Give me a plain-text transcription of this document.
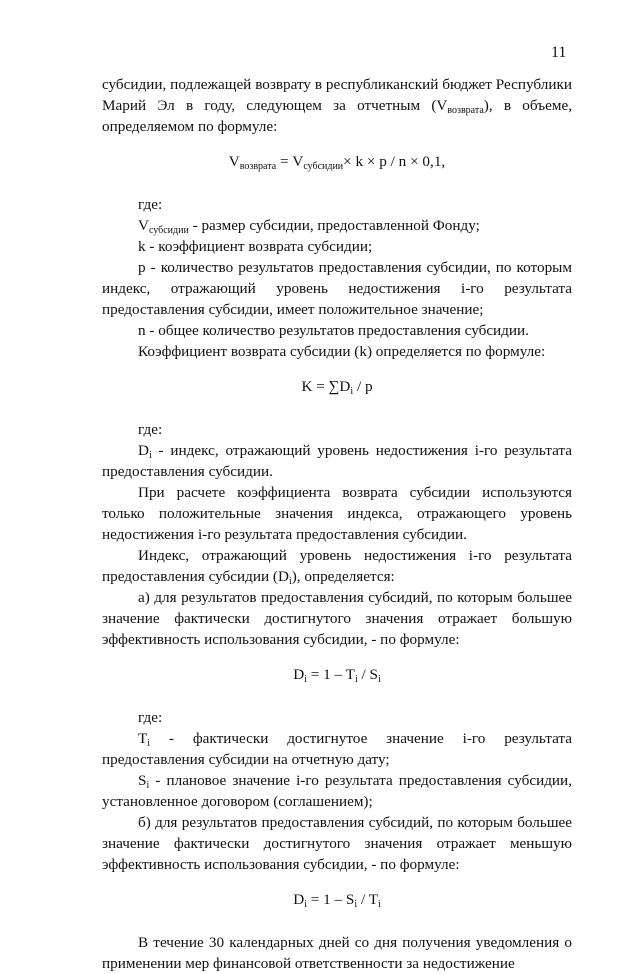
11

субсидии, подлежащей возврату в республиканский бюджет Республики

Марий Эл в году, следующем за отчетным $(V_{возврата})$, в объеме,

определяемом по формуле:

$V_{возврата} = V_{субсидии}\times k \times p / n \times 0,1$,

где:

$V_{субсидии}$ - размер субсидии, предоставленной Фонду;

k - коэффициент возврата субсидии;

p - количество результатов предоставления субсидии, по которым индекс, отражающий уровень недостижения i-го результата предоставления субсидии, имеет положительное значение;

n - общее количество результатов предоставления субсидии.

Коэффициент возврата субсидии (k) определяется по формуле:

$K = \sum D_i / p$

где:

$D_i$ - индекс, отражающий уровень недостижения i-го результата предоставления субсидии.

При расчете коэффициента возврата субсидии используются только положительные значения индекса, отражающего уровень недостижения i-го результата предоставления субсидии.

Индекс, отражающий уровень недостижения i-го результата предоставления субсидии $(D_i)$, определяется:

а) для результатов предоставления субсидий, по которым большее значение фактически достигнутого значения отражает большую эффективность использования субсидии, - по формуле:

$D_i = 1 - T_i / S_i$

где:

$T_i$ - фактически достигнутое значение i-го результата

предоставления субсидии на отчетную дату;

$S_i$ - плановое значение i-го результата предоставления субсидии, установленное договором (соглашением);

б) для результатов предоставления субсидий, по которым большее значение фактически достигнутого значения отражает меньшую эффективность использования субсидии, - по формуле:

$D_i = 1 - S_i / T_i$

В течение 30 календарных дней со дня получения уведомления о применении мер финансовой ответственности за недостижение
